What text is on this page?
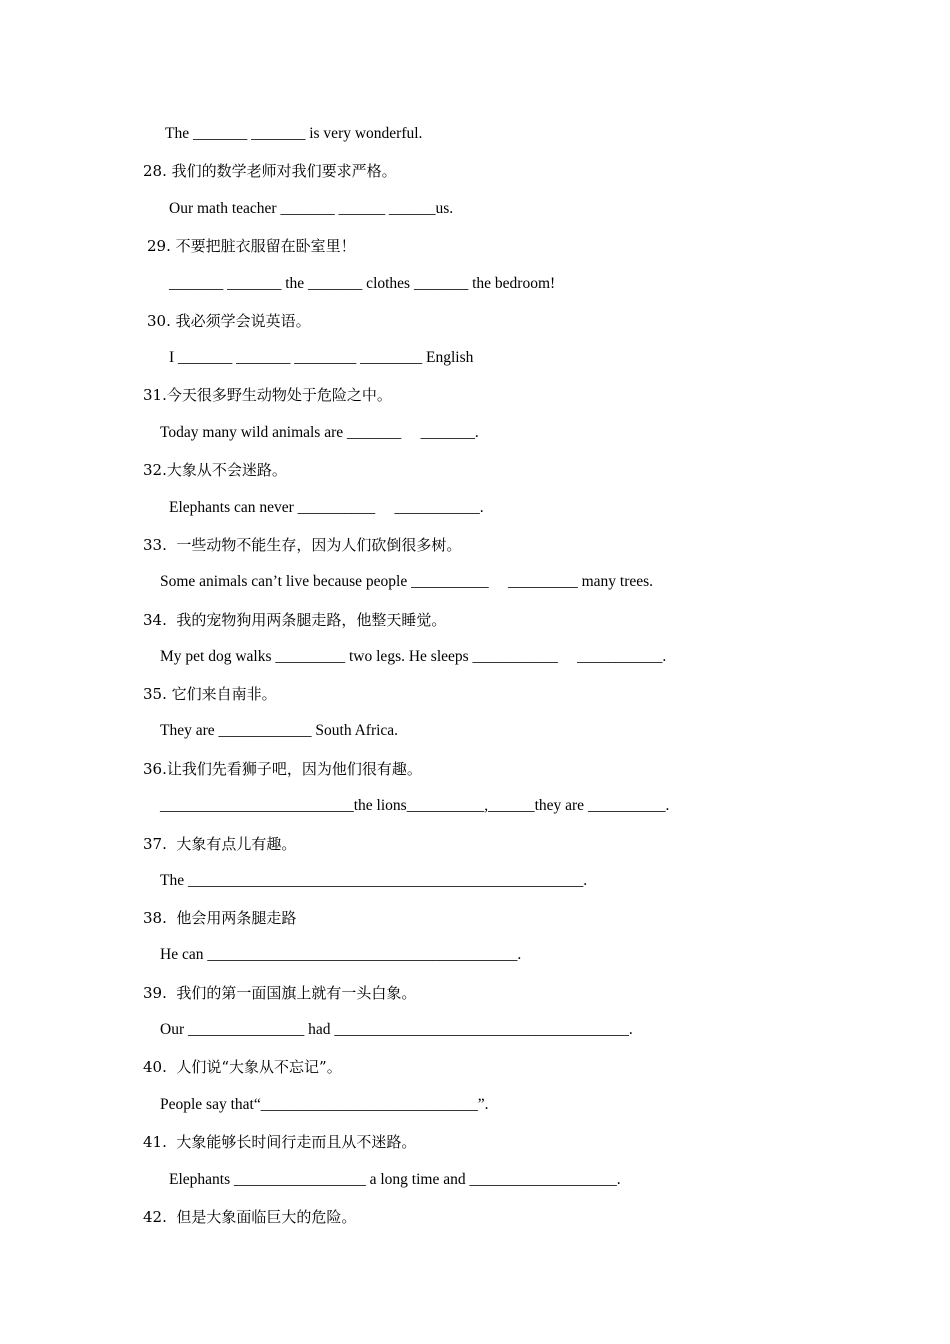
The _______ _______ is very wonderful.
28. 我们的数学老师对我们要求严格。
Our math teacher _______ ______ ______us.
29. 不要把脏衣服留在卧室里！
_______ _______ the _______ clothes _______ the bedroom!
30. 我必须学会说英语。
I _______ _______ ________ ________ English
31.今天很多野生动物处于危险之中。
Today many wild animals are _______     _______.
32.大象从不会迷路。
Elephants can never __________     ___________.
33.  一些动物不能生存，因为人们砍倒很多树。
Some animals can’t live because people __________     _________ many trees.
34.  我的宠物狗用两条腿走路，他整天睡觉。
My pet dog walks _________ two legs. He sleeps ___________     ___________.
35. 它们来自南非。
They are ____________ South Africa.
36.让我们先看狮子吧，因为他们很有趣。
_________________________the lions__________,______they are __________.
37.  大象有点儿有趣。
The ___________________________________________________.
38.  他会用两条腿走路
He can ________________________________________.
39.  我们的第一面国旗上就有一头白象。
Our _______________ had ______________________________________.
40.  人们说“大象从不忘记”。
People say that“____________________________”.
41.  大象能够长时间行走而且从不迷路。
Elephants _________________ a long time and ___________________.
42.  但是大象面临巨大的危险。
